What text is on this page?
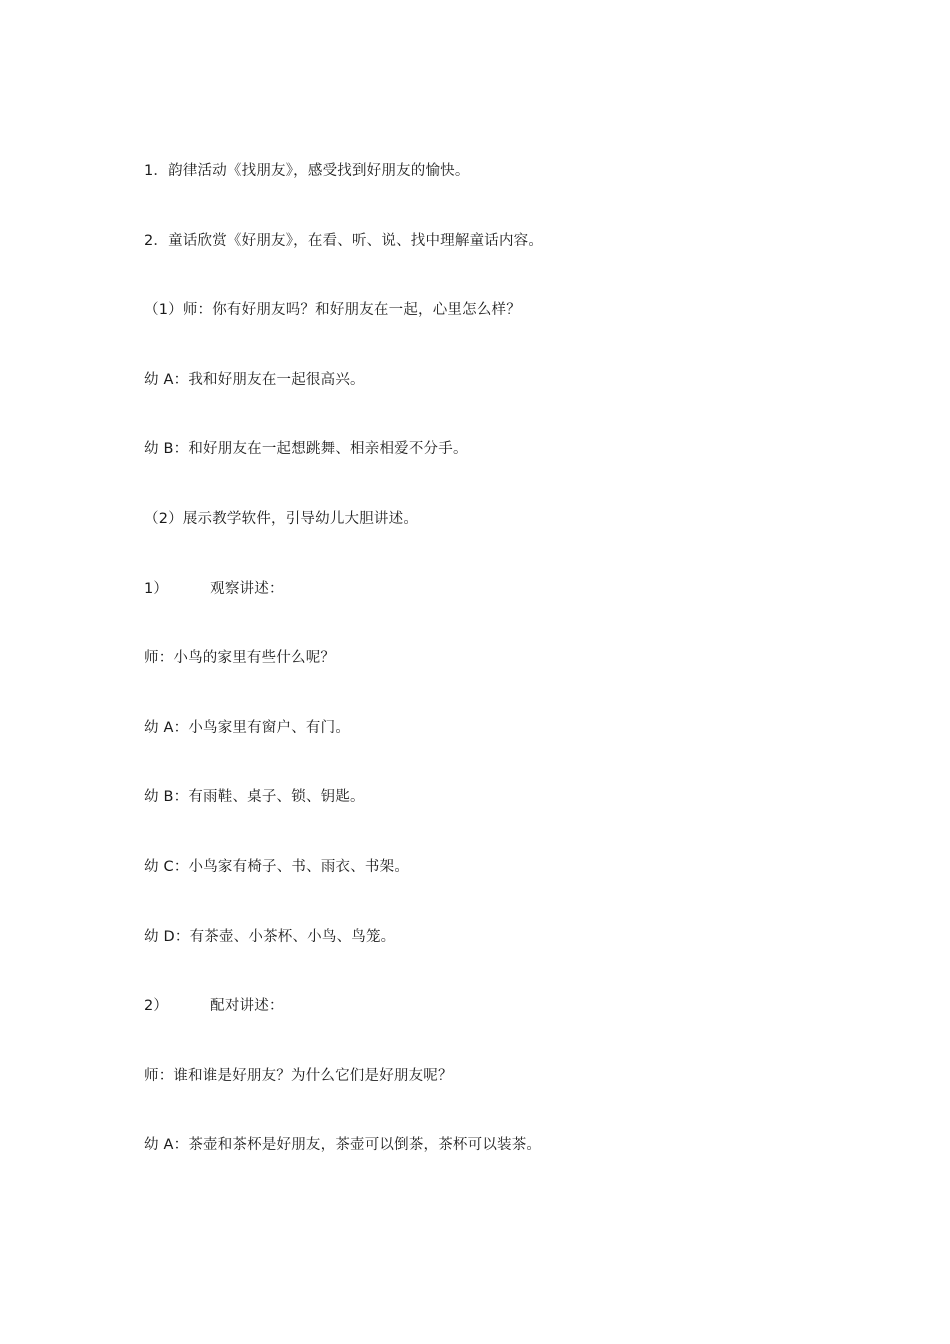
1．韵律活动《找朋友》，感受找到好朋友的愉快。
2．童话欣赏《好朋友》，在看、听、说、找中理解童话内容。
（1）师：你有好朋友吗？和好朋友在一起，心里怎么样？
幼 A：我和好朋友在一起很高兴。
幼 B：和好朋友在一起想跳舞、相亲相爱不分手。
（2）展示教学软件，引导幼儿大胆讲述。
1）	观察讲述：
师：小鸟的家里有些什么呢？
幼 A：小鸟家里有窗户、有门。
幼 B：有雨鞋、桌子、锁、钥匙。
幼 C：小鸟家有椅子、书、雨衣、书架。
幼 D：有茶壶、小茶杯、小鸟、鸟笼。
2）	配对讲述：
师：谁和谁是好朋友？为什么它们是好朋友呢？
幼 A：茶壶和茶杯是好朋友，茶壶可以倒茶，茶杯可以装茶。
